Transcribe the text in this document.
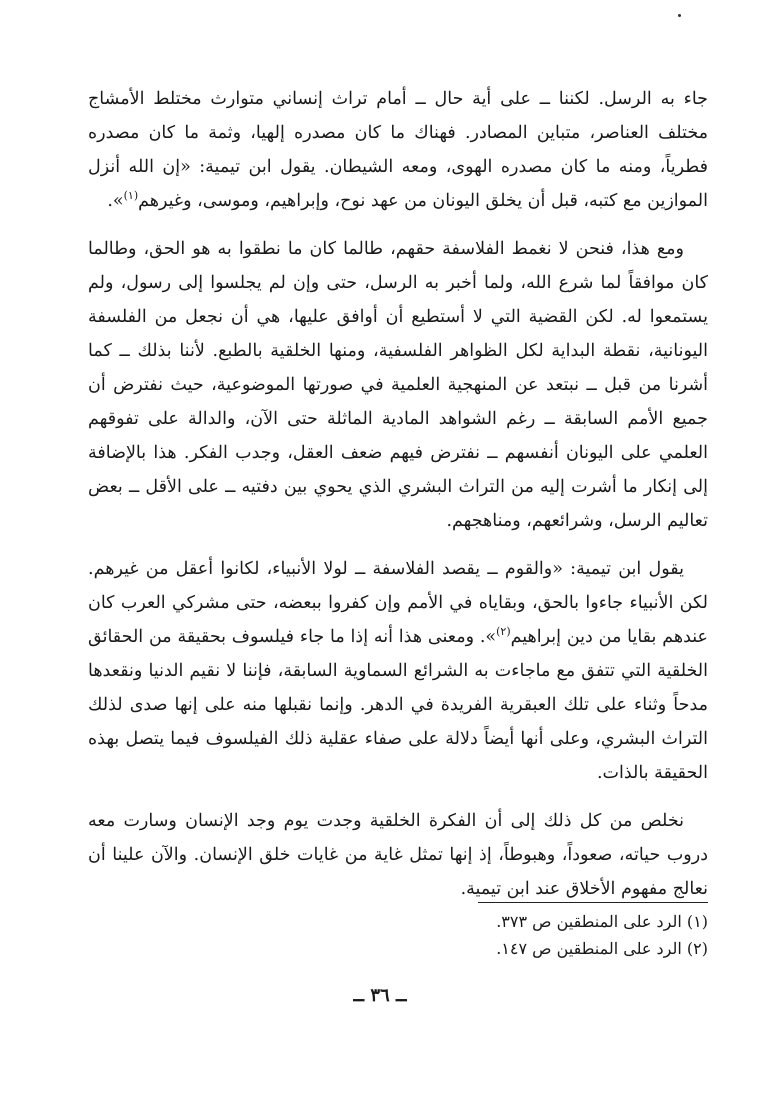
جاء به الرسل. لكننا ــ على أية حال ــ أمام تراث إنساني متوارث مختلط الأمشاج مختلف العناصر، متباين المصادر. فهناك ما كان مصدره إلهيا، وثمة ما كان مصدره فطرياً، ومنه ما كان مصدره الهوى، ومعه الشيطان. يقول ابن تيمية: «إن الله أنزل الموازين مع كتبه، قبل أن يخلق اليونان من عهد نوح، وإبراهيم، وموسى، وغيرهم$^{(١)}$».

ومع هذا، فنحن لا نغمط الفلاسفة حقهم، طالما كان ما نطقوا به هو الحق، وطالما كان موافقاً لما شرع الله، ولما أخبر به الرسل، حتى وإن لم يجلسوا إلى رسول، ولم يستمعوا له. لكن القضية التي لا أستطيع أن أوافق عليها، هي أن نجعل من الفلسفة اليونانية، نقطة البداية لكل الظواهر الفلسفية، ومنها الخلقية بالطبع. لأننا بذلك ــ كما أشرنا من قبل ــ نبتعد عن المنهجية العلمية في صورتها الموضوعية، حيث نفترض أن جميع الأمم السابقة ــ رغم الشواهد المادية الماثلة حتى الآن، والدالة على تفوقهم العلمي على اليونان أنفسهم ــ نفترض فيهم ضعف العقل، وجدب الفكر. هذا بالإضافة إلى إنكار ما أشرت إليه من التراث البشري الذي يحوي بين دفتيه ــ على الأقل ــ بعض تعاليم الرسل، وشرائعهم، ومناهجهم.

يقول ابن تيمية: «والقوم ــ يقصد الفلاسفة ــ لولا الأنبياء، لكانوا أعقل من غيرهم. لكن الأنبياء جاءوا بالحق، وبقاياه في الأمم وإن كفروا ببعضه، حتى مشركي العرب كان عندهم بقايا من دين إبراهيم$^{(٢)}$». ومعنى هذا أنه إذا ما جاء فيلسوف بحقيقة من الحقائق الخلقية التي تتفق مع ماجاءت به الشرائع السماوية السابقة، فإننا لا نقيم الدنيا ونقعدها مدحاً وثناء على تلك العبقرية الفريدة في الدهر. وإنما نقبلها منه على إنها صدى لذلك التراث البشري، وعلى أنها أيضاً دلالة على صفاء عقلية ذلك الفيلسوف فيما يتصل بهذه الحقيقة بالذات.

نخلص من كل ذلك إلى أن الفكرة الخلقية وجدت يوم وجد الإنسان وسارت معه دروب حياته، صعوداً، وهبوطاً، إذ إنها تمثل غاية من غايات خلق الإنسان. والآن علينا أن نعالج مفهوم الأخلاق عند ابن تيمية.

(١) الرد على المنطقين ص ٣٧٣.
(٢) الرد على المنطقين ص ١٤٧.
ــ ٣٦ ــ
